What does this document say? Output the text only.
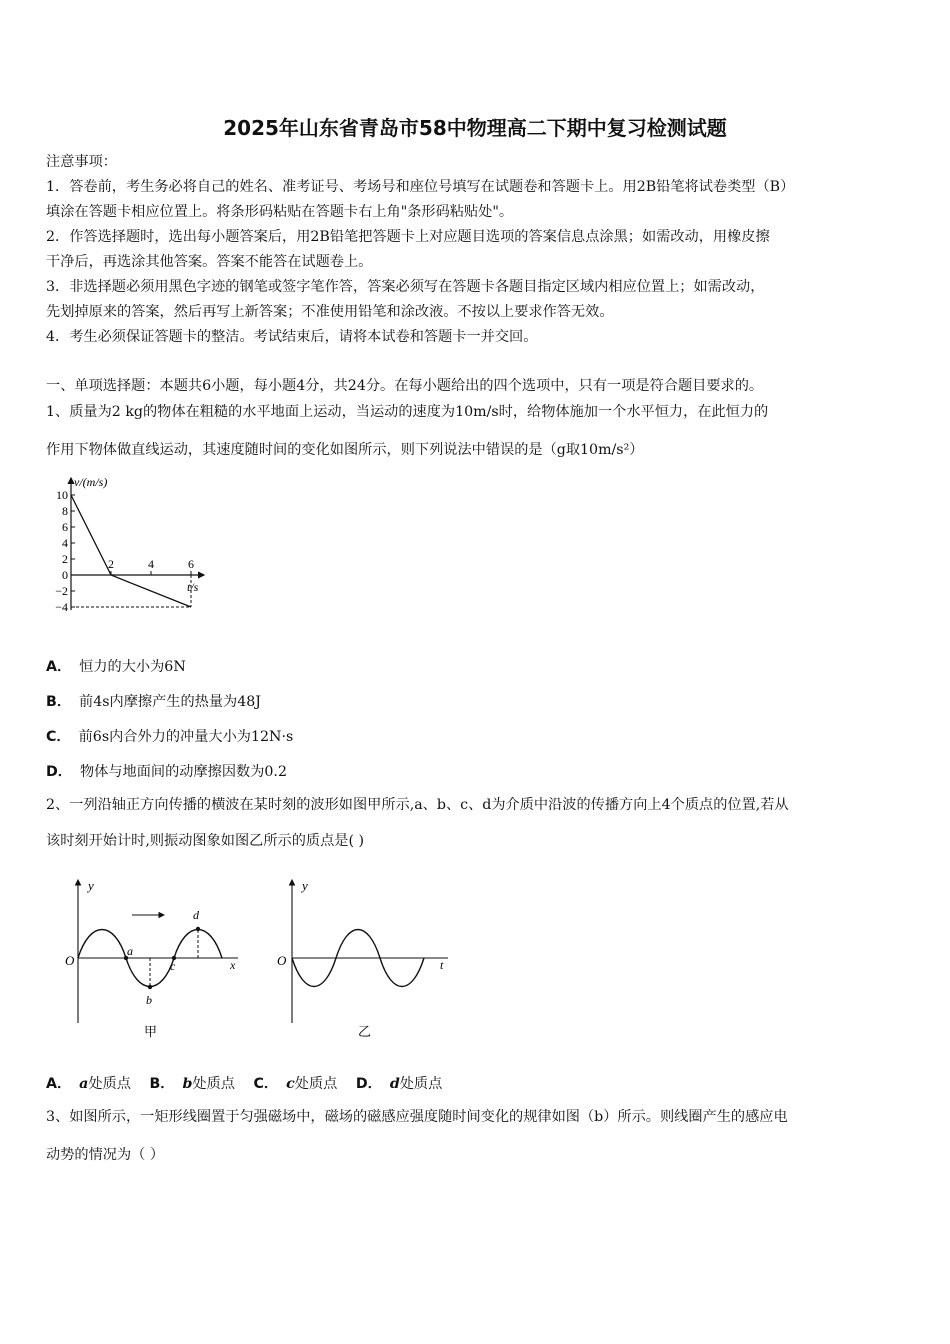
2025年山东省青岛市58中物理高二下期中复习检测试题
注意事项：
1．答卷前，考生务必将自己的姓名、准考证号、考场号和座位号填写在试题卷和答题卡上。用2B铅笔将试卷类型（B）
填涂在答题卡相应位置上。将条形码粘贴在答题卡右上角"条形码粘贴处"。
2．作答选择题时，选出每小题答案后，用2B铅笔把答题卡上对应题目选项的答案信息点涂黑；如需改动，用橡皮擦
干净后，再选涂其他答案。答案不能答在试题卷上。
3．非选择题必须用黑色字迹的钢笔或签字笔作答，答案必须写在答题卡各题目指定区域内相应位置上；如需改动，
先划掉原来的答案，然后再写上新答案；不准使用铅笔和涂改液。不按以上要求作答无效。
4．考生必须保证答题卡的整洁。考试结束后，请将本试卷和答题卡一并交回。
一、单项选择题：本题共6小题，每小题4分，共24分。在每小题给出的四个选项中，只有一项是符合题目要求的。
1、质量为2 kg的物体在粗糙的水平地面上运动，当运动的速度为10m/s时，给物体施加一个水平恒力，在此恒力的
作用下物体做直线运动，其速度随时间的变化如图所示，则下列说法中错误的是（g取10m/s²）
v/(m/s)
t/s
10
8
6
4
2
0
−2
−4
2	4	6
A． 恒力的大小为6N
B． 前4s内摩擦产生的热量为48J
C． 前6s内合外力的冲量大小为12N·s
D． 物体与地面间的动摩擦因数为0.2
2、一列沿轴正方向传播的横波在某时刻的波形如图甲所示,a、b、c、d为介质中沿波的传播方向上4个质点的位置,若从
该时刻开始计时,则振动图象如图乙所示的质点是( )
y
x
O
a
b
c
d
甲
y
t
O
乙
A． a处质点 B． b处质点 C． c处质点 D． d处质点
3、如图所示，一矩形线圈置于匀强磁场中，磁场的磁感应强度随时间变化的规律如图（b）所示。则线圈产生的感应电
动势的情况为（ ）
